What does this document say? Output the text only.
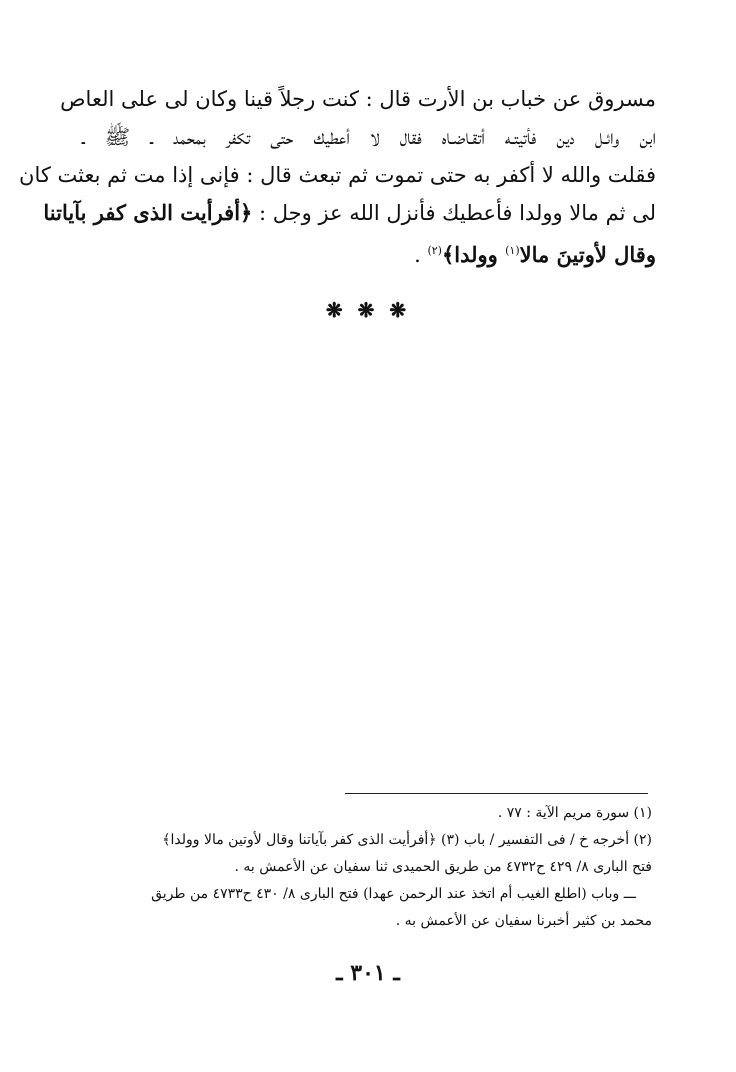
مسروق عن خباب بن الأرت قال : كنت رجلاً قينا وكان لى على العاص
ابن وائـل دين فأتيتـه أتقـاضـاه فقال لا أعطيك حتى تكفر بمحمد ـ ﷺ ـ
فقلت والله لا أكفر به حتى تموت ثم تبعث قال : فإنى إذا مت ثم بعثت كان
لى ثم مالا وولدا فأعطيك فأنزل الله عز وجل : ﴿أفرأيت الذى كفر بآياتنا
وقال لأوتينَ مالا$^{(١)}$ وولدا﴾$^{(٢)}$ .
❋ ❋ ❋
(١) سورة مريم الآية : ٧٧ .
(٢) أخرجه خ / فى التفسير / باب (٣) ﴿أفرأيت الذى كفر بآياتنا وقال لأوتين مالا وولدا﴾
فتح البارى ٨/ ٤٢٩ ح٤٧٣٢ من طريق الحميدى ثنا سفيان عن الأعمش به .
ـــ وباب (اطلع الغيب أم اتخذ عند الرحمن عهدا) فتح البارى ٨/ ٤٣٠ ح٤٧٣٣ من طريق
محمد بن كثير أخبرنا سفيان عن الأعمش به .
ـ ٣٠١ ـ
